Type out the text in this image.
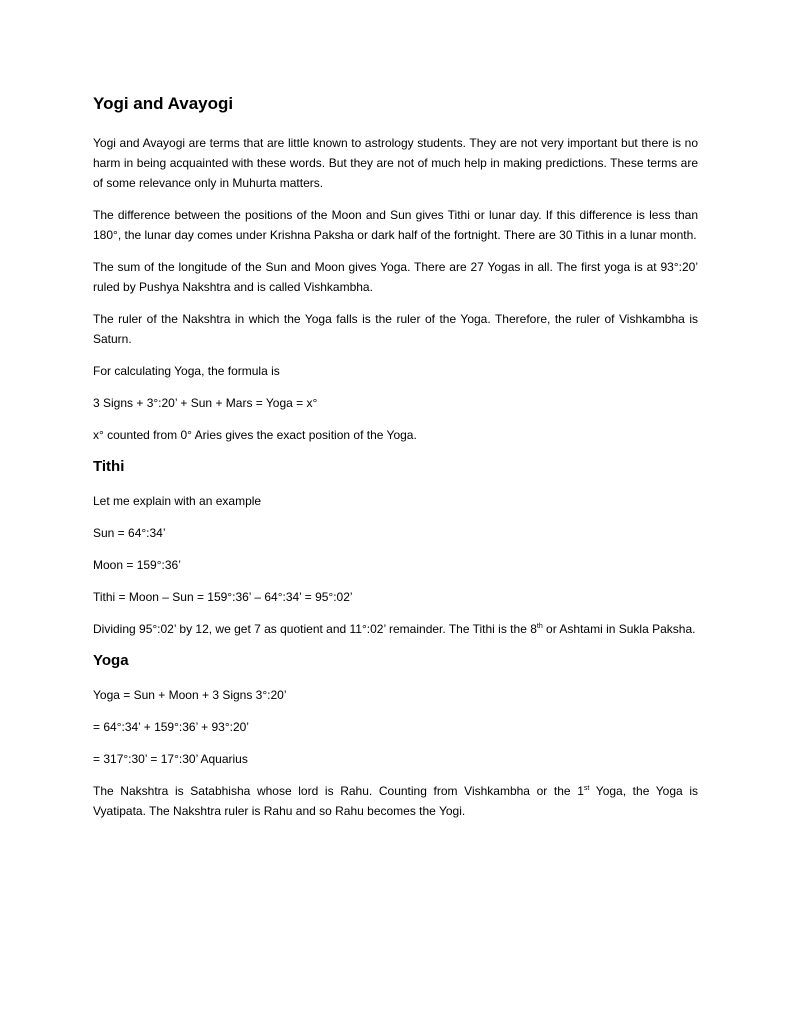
Yogi and Avayogi

Yogi and Avayogi are terms that are little known to astrology students. They are not very important but there is no harm in being acquainted with these words. But they are not of much help in making predictions. These terms are of some relevance only in Muhurta matters.

The difference between the positions of the Moon and Sun gives Tithi or lunar day. If this difference is less than 180°, the lunar day comes under Krishna Paksha or dark half of the fortnight. There are 30 Tithis in a lunar month.

The sum of the longitude of the Sun and Moon gives Yoga. There are 27 Yogas in all. The first yoga is at 93°:20’ ruled by Pushya Nakshtra and is called Vishkambha.

The ruler of the Nakshtra in which the Yoga falls is the ruler of the Yoga. Therefore, the ruler of Vishkambha is Saturn.

For calculating Yoga, the formula is

3 Signs + 3°:20’ + Sun + Mars = Yoga = x°

x° counted from 0° Aries gives the exact position of the Yoga.

Tithi

Let me explain with an example

Sun = 64°:34’

Moon = 159°:36’

Tithi = Moon – Sun = 159°:36’ – 64°:34’ = 95°:02’

Dividing 95°:02’ by 12, we get 7 as quotient and 11°:02’ remainder. The Tithi is the 8th or Ashtami in Sukla Paksha.

Yoga

Yoga = Sun + Moon + 3 Signs 3°:20’

= 64°:34’ + 159°:36’ + 93°:20’

= 317°:30’ = 17°:30’ Aquarius

The Nakshtra is Satabhisha whose lord is Rahu. Counting from Vishkambha or the 1st Yoga, the Yoga is Vyatipata. The Nakshtra ruler is Rahu and so Rahu becomes the Yogi.
